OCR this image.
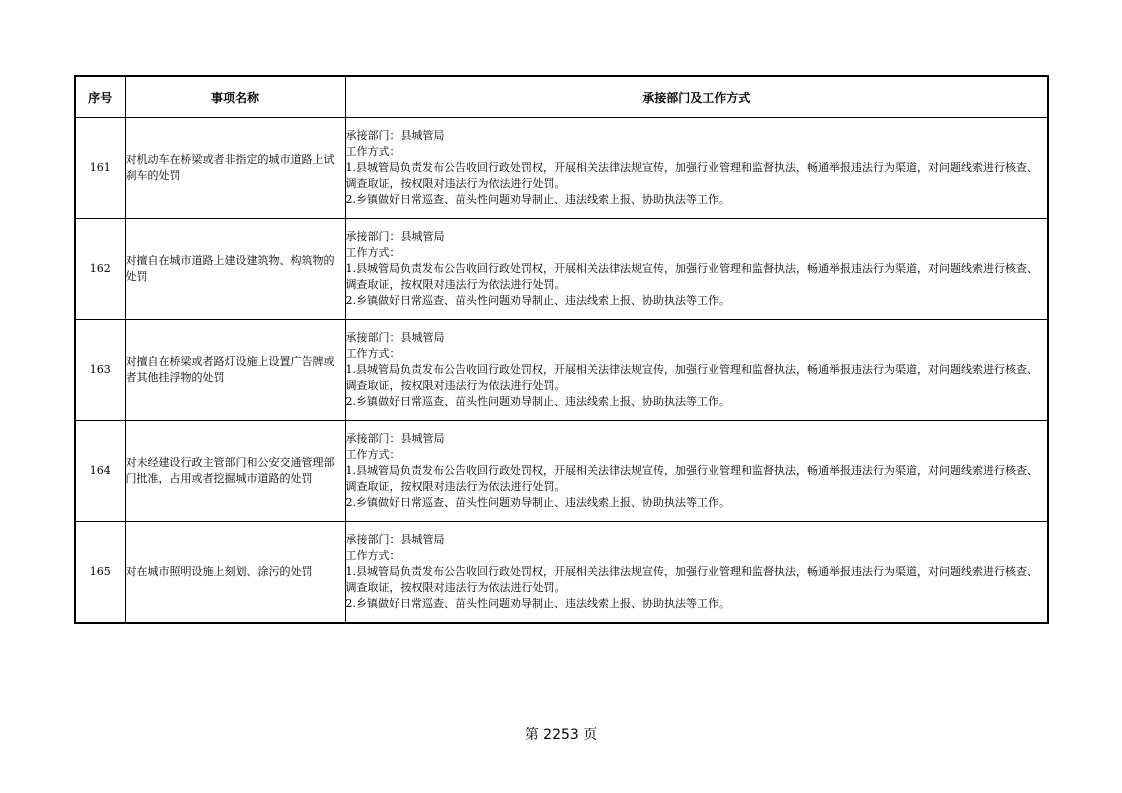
序号	事项名称	承接部门及工作方式
161	对机动车在桥梁或者非指定的城市道路上试刹车的处罚	承接部门：县城管局
工作方式：
1.县城管局负责发布公告收回行政处罚权，开展相关法律法规宣传，加强行业管理和监督执法，畅通举报违法行为渠道，对问题线索进行核查、调查取证，按权限对违法行为依法进行处罚。
2.乡镇做好日常巡查、苗头性问题劝导制止、违法线索上报、协助执法等工作。

162	对擅自在城市道路上建设建筑物、构筑物的处罚	承接部门：县城管局
工作方式：
1.县城管局负责发布公告收回行政处罚权，开展相关法律法规宣传，加强行业管理和监督执法，畅通举报违法行为渠道，对问题线索进行核查、调查取证，按权限对违法行为依法进行处罚。
2.乡镇做好日常巡查、苗头性问题劝导制止、违法线索上报、协助执法等工作。

163	对擅自在桥梁或者路灯设施上设置广告牌或者其他挂浮物的处罚	承接部门：县城管局
工作方式：
1.县城管局负责发布公告收回行政处罚权，开展相关法律法规宣传，加强行业管理和监督执法，畅通举报违法行为渠道，对问题线索进行核查、调查取证，按权限对违法行为依法进行处罚。
2.乡镇做好日常巡查、苗头性问题劝导制止、违法线索上报、协助执法等工作。

164	对未经建设行政主管部门和公安交通管理部门批准，占用或者挖掘城市道路的处罚	承接部门：县城管局
工作方式：
1.县城管局负责发布公告收回行政处罚权，开展相关法律法规宣传，加强行业管理和监督执法，畅通举报违法行为渠道，对问题线索进行核查、调查取证，按权限对违法行为依法进行处罚。
2.乡镇做好日常巡查、苗头性问题劝导制止、违法线索上报、协助执法等工作。

165	对在城市照明设施上刻划、涂污的处罚	承接部门：县城管局
工作方式：
1.县城管局负责发布公告收回行政处罚权，开展相关法律法规宣传，加强行业管理和监督执法，畅通举报违法行为渠道，对问题线索进行核查、调查取证，按权限对违法行为依法进行处罚。
2.乡镇做好日常巡查、苗头性问题劝导制止、违法线索上报、协助执法等工作。
第 2253 页
